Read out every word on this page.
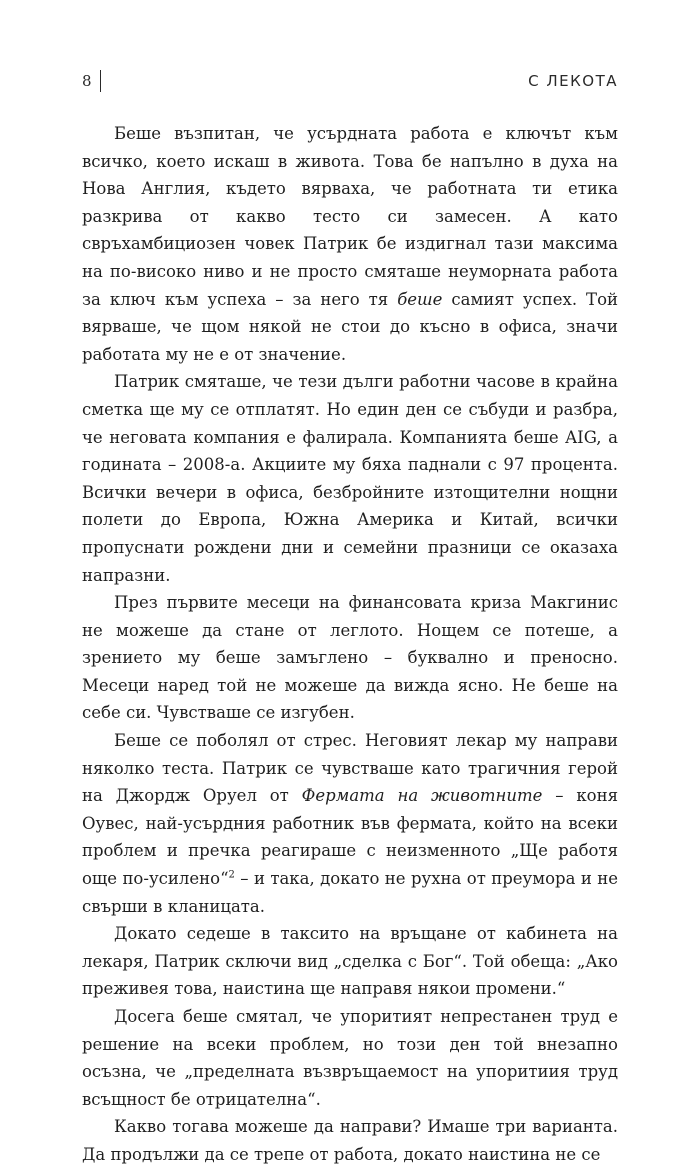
8	С ЛЕКОТА

Беше възпитан, че усърдната работа е ключът към всичко, което искаш в живота. Това бе напълно в духа на Нова Англия, където вярваха, че работната ти етика разкрива от какво тесто си замесен. А като свръхамбициозен човек Патрик бе издигнал тази максима на по-високо ниво и не просто смяташе неуморната работа за ключ към успеха – за него тя беше самият успех. Той вярваше, че щом някой не стои до късно в офиса, значи работата му не е от значение.

Патрик смяташе, че тези дълги работни часове в крайна сметка ще му се отплатят. Но един ден се събуди и разбра, че неговата компания е фалирала. Компанията беше AIG, а годината – 2008-а. Акциите му бяха паднали с 97 процента. Всички вечери в офиса, безбройните изтощителни нощни полети до Европа, Южна Америка и Китай, всички пропуснати рождени дни и семейни празници се оказаха напразни.

През първите месеци на финансовата криза Макгинис не можеше да стане от леглото. Нощем се потеше, а зрението му беше замъглено – буквално и преносно. Месеци наред той не можеше да вижда ясно. Не беше на себе си. Чувстваше се изгубен.

Беше се поболял от стрес. Неговият лекар му направи няколко теста. Патрик се чувстваше като трагичния герой на Джордж Оруел от Фермата на животните – коня Оувес, най-усърдния работник във фермата, който на всеки проблем и пречка реагираше с неизменното „Ще работя още по-усилено“$^2$ – и така, докато не рухна от преумора и не свърши в кланицата.

Докато седеше в таксито на връщане от кабинета на лекаря, Патрик сключи вид „сделка с Бог“. Той обеща: „Ако преживея това, наистина ще направя някои промени.“

Досега беше смятал, че упоритият непрестанен труд е решение на всеки проблем, но този ден той внезапно осъзна, че „пределната възвръщаемост на упоритиия труд всъщност бе отрицателна“.

Какво тогава можеше да направи? Имаше три варианта. Да продължи да се трепе от работа, докато наистина не се
